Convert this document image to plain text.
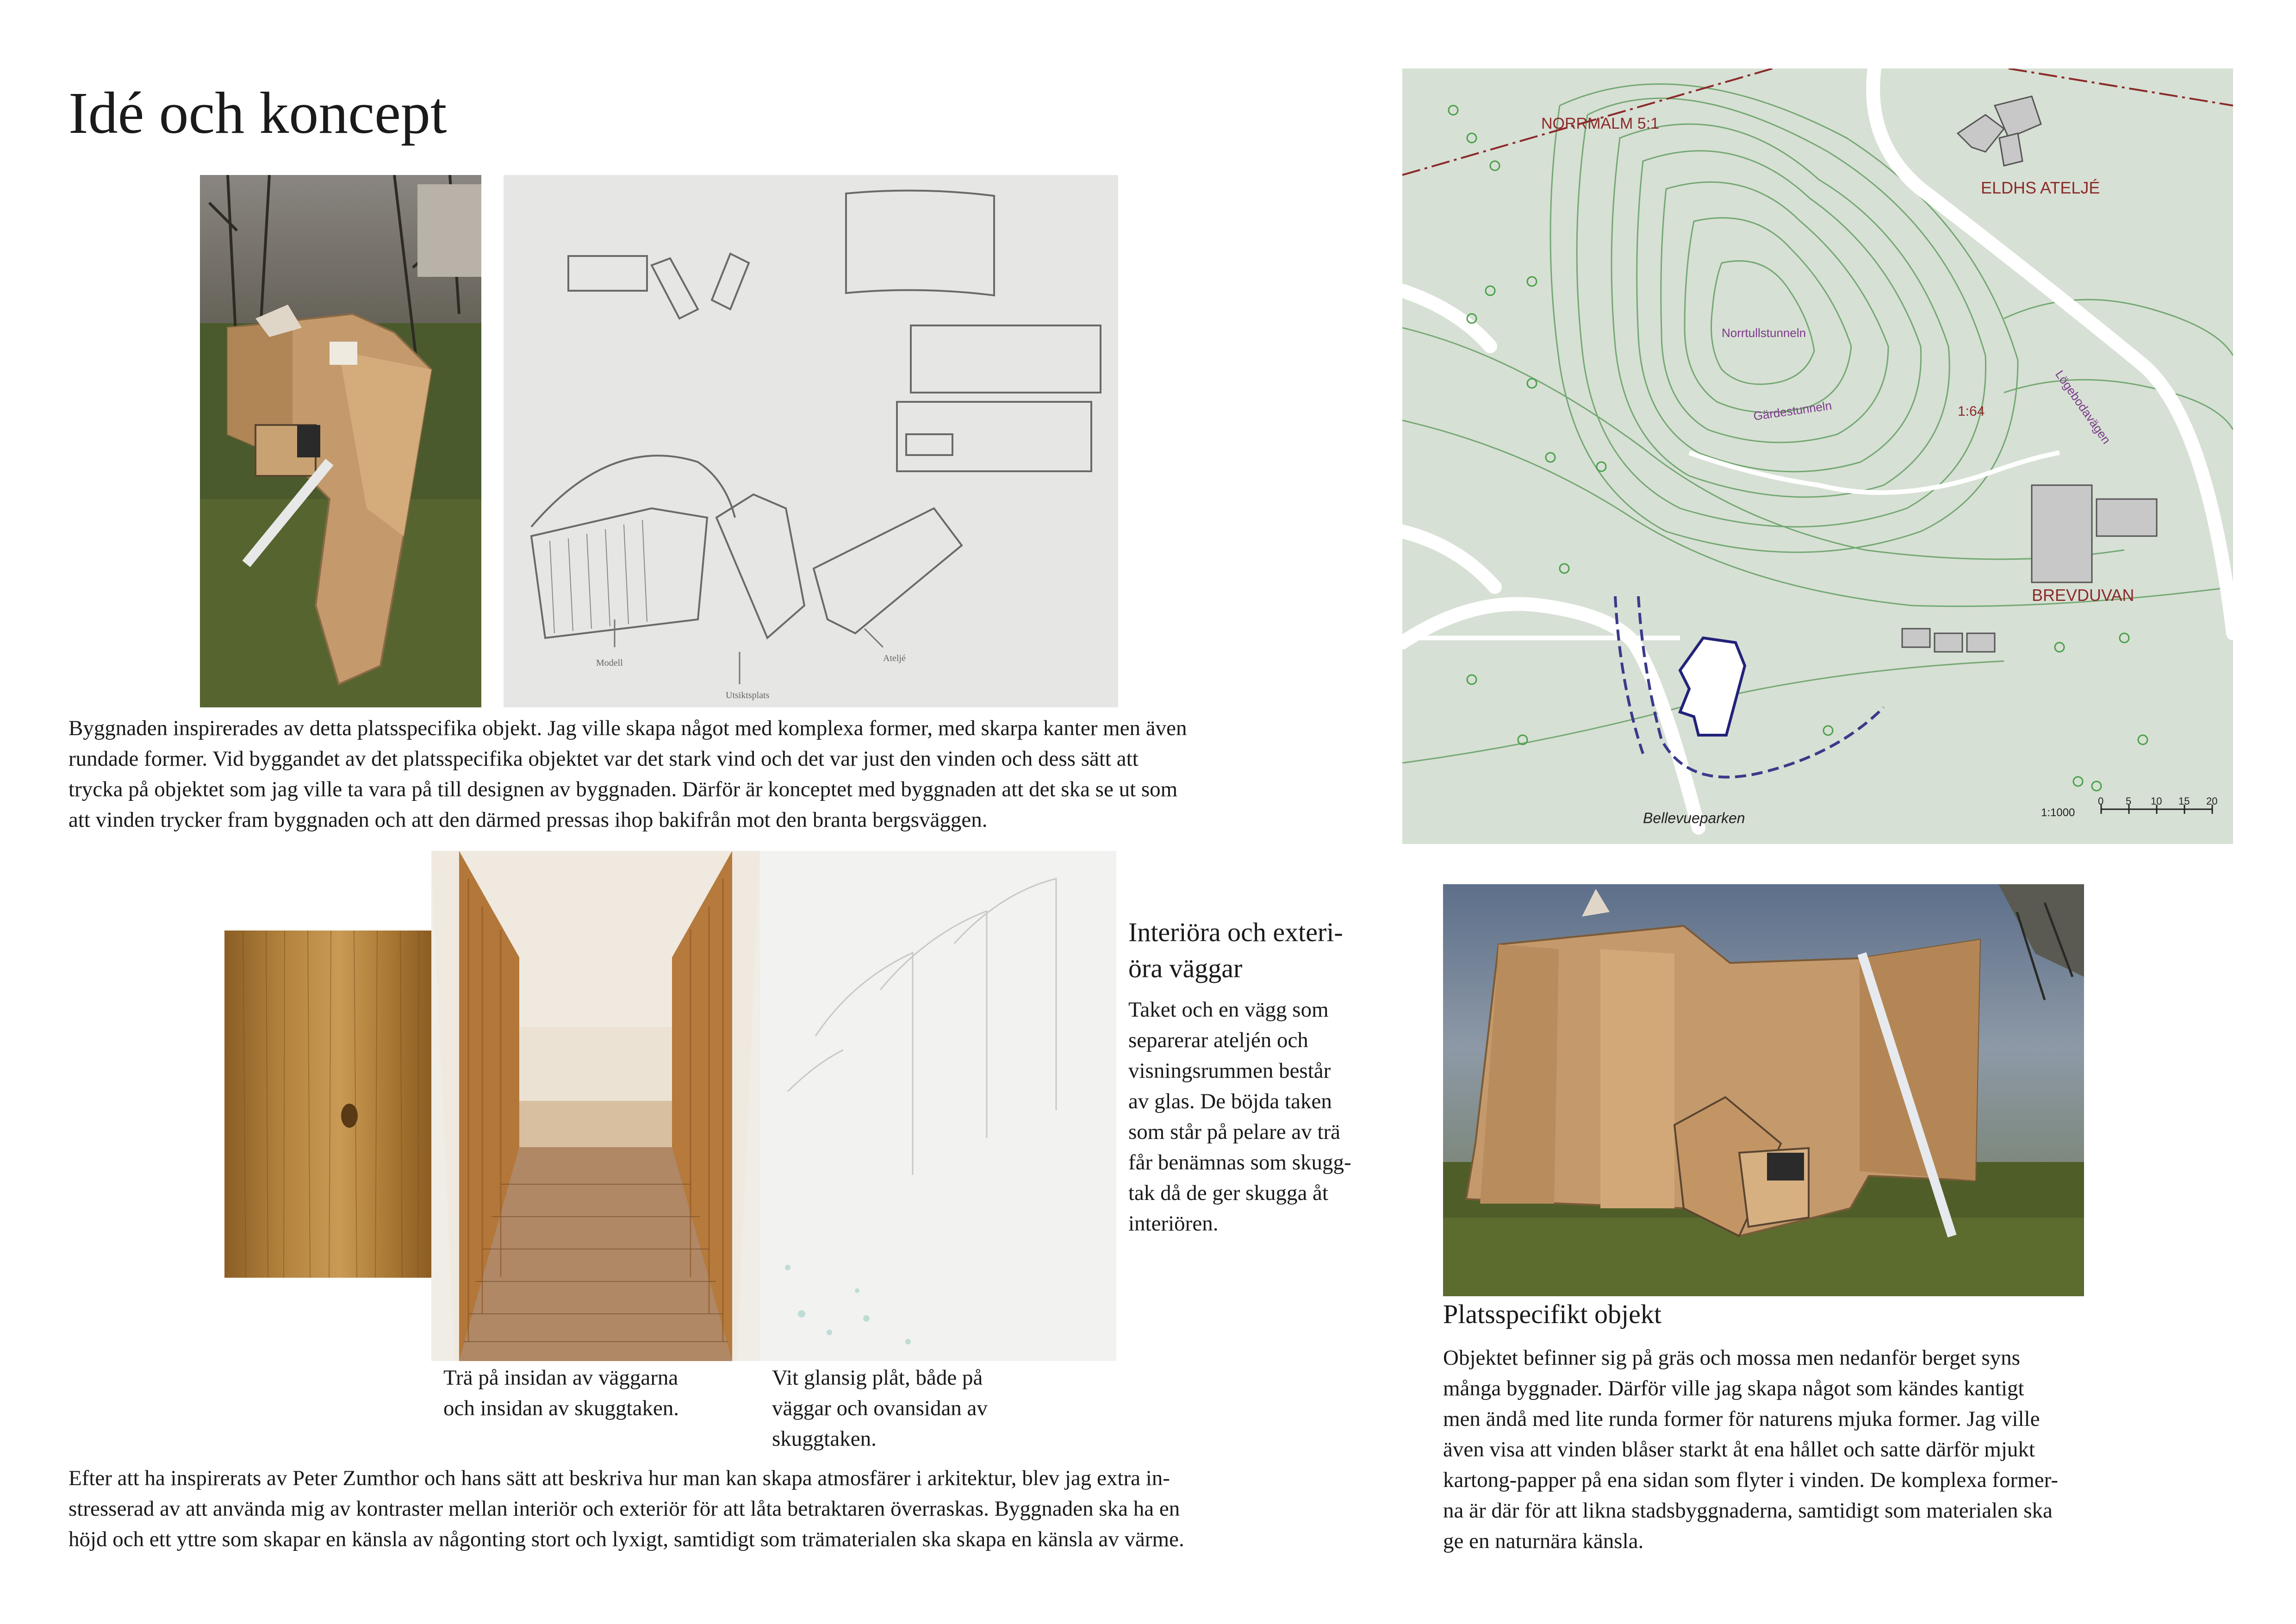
Idé och koncept
Modell
Utsiktsplats
Ateljé
NORRMALM 5:1
ELDHS ATELJÉ
Norrtullstunneln
Gärdestunneln	1:64	Lögebodavägen
BREVDUVAN
Bellevueparken	1:1000
0 5 10 15 20
Byggnaden inspirerades av detta platsspecifika objekt. Jag ville skapa något med komplexa former, med skarpa kanter men även
rundade former. Vid byggandet av det platsspecifika objektet var det stark vind och det var just den vinden och dess sätt att
trycka på objektet som jag ville ta vara på till designen av byggnaden. Därför är konceptet med byggnaden att det ska se ut som
att vinden trycker fram byggnaden och att den därmed pressas ihop bakifrån mot den branta bergsväggen.
Interiöra och exteri-
öra väggar
Taket och en vägg som
separerar ateljén och
visningsrummen består
av glas. De böjda taken
som står på pelare av trä
får benämnas som skugg-
tak då de ger skugga åt
interiören.
Trä på insidan av väggarna
och insidan av skuggtaken.
Vit glansig plåt, både på
väggar och ovansidan av
skuggtaken.
Platsspecifikt objekt
Objektet befinner sig på gräs och mossa men nedanför berget syns
många byggnader. Därför ville jag skapa något som kändes kantigt
men ändå med lite runda former för naturens mjuka former. Jag ville
även visa att vinden blåser starkt åt ena hållet och satte därför mjukt
kartong-papper på ena sidan som flyter i vinden. De komplexa former-
na är där för att likna stadsbyggnaderna, samtidigt som materialen ska
ge en naturnära känsla.
Efter att ha inspirerats av Peter Zumthor och hans sätt att beskriva hur man kan skapa atmosfärer i arkitektur, blev jag extra in-
stresserad av att använda mig av kontraster mellan interiör och exteriör för att låta betraktaren överraskas. Byggnaden ska ha en
höjd och ett yttre som skapar en känsla av någonting stort och lyxigt, samtidigt som trämaterialen ska skapa en känsla av värme.
